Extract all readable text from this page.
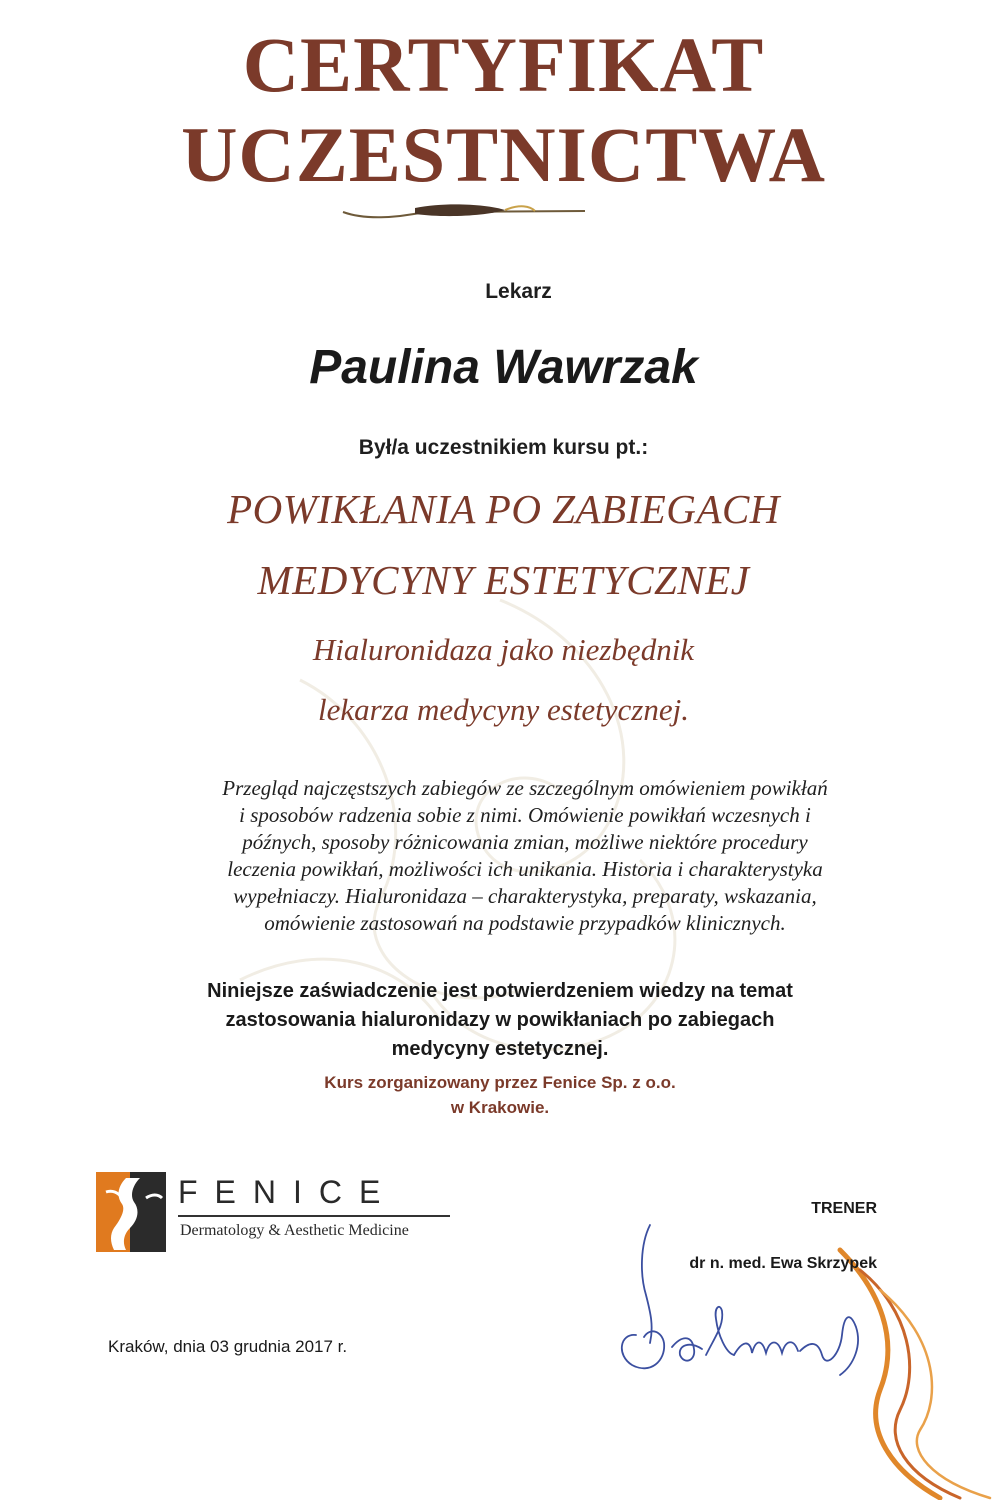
CERTYFIKAT
UCZESTNICTWA
Lekarz
Paulina Wawrzak
Był/a uczestnikiem kursu pt.:
POWIKŁANIA PO ZABIEGACH
MEDYCYNY ESTETYCZNEJ
Hialuronidaza jako niezbędnik
lekarza medycyny estetycznej.

Przegląd najczęstszych zabiegów ze szczególnym omówieniem powikłań
i sposobów radzenia sobie z nimi. Omówienie powikłań wczesnych i
późnych, sposoby różnicowania zmian, możliwe niektóre procedury
leczenia powikłań, możliwości ich unikania. Historia i charakterystyka
wypełniaczy. Hialuronidaza – charakterystyka, preparaty, wskazania,
omówienie zastosowań na podstawie przypadków klinicznych.

Niniejsze zaświadczenie jest potwierdzeniem wiedzy na temat
zastosowania hialuronidazy w powikłaniach po zabiegach
medycyny estetycznej.

Kurs zorganizowany przez Fenice Sp. z o.o.
w Krakowie.

FENICE
Dermatology & Aesthetic Medicine
TRENER
dr n. med. Ewa Skrzypek
Kraków, dnia 03 grudnia 2017 r.
